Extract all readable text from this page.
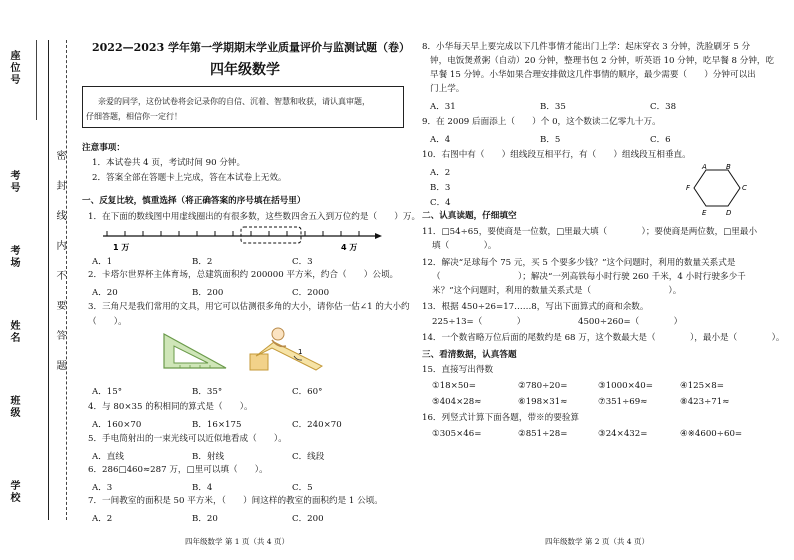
座位号
考号
考场
姓名
班级
学校
密
封
线
内
不
要
答
题
2022—2023 学年第一学期期末学业质量评价与监测试题（卷）
四年级数学
亲爱的同学，这份试卷将会记录你的自信、沉着、智慧和收获，请认真审题，
仔细答题，相信你一定行！
注意事项：
1．本试卷共 4 页，考试时间 90 分钟。
2．答案全部在答题卡上完成，答在本试卷上无效。
一、反复比较，慎重选择（将正确答案的序号填在括号里）
1．在下面的数线图中用虚线圈出的有很多数，这些数四舍五入到万位约是（　　）万。
1 万	4 万
A．1	B．2	C．3
2．卡塔尔世界杯主体育场，总建筑面积约 200000 平方米，约合（　　）公顷。
A．20	B．200	C．2000
3．三角尺是我们常用的文具，用它可以估测很多角的大小，请你估一估∠1 的大小约
（　　）。
1
A．15°	B．35°	C．60°
4．与 80×35 的积相同的算式是（　　）。
A．160×70	B．16×175	C．240×70
5．手电筒射出的一束光线可以近似地看成（　　）。
A．直线	B．射线	C．线段
6．286□460≈287 万，□里可以填（　　）。
A．3	B．4	C．5
7．一间教室的面积是 50 平方米，（　　）间这样的教室的面积约是 1 公顷。
A．2	B．20	C．200
四年级数学 第 1 页（共 4 页）
8．小华每天早上要完成以下几件事情才能出门上学：起床穿衣 3 分钟，洗脸刷牙 5 分
钟，电饭煲煮粥（自动）20 分钟，整理书包 2 分钟，听英语 10 分钟，吃早餐 8 分钟，吃
早餐 15 分钟。小华如果合理安排做这几件事情的顺序，最少需要（　　）分钟可以出
门上学。
A．31	B．35	C．38
9．在 2009 后面添上（　　）个 0，这个数读二亿零九十万。
A．4	B．5	C．6
10．右图中有（　　）组线段互相平行，有（　　）组线段互相垂直。
A．2
B．3
C．4
A	B
C
D
E
F
二、认真读题，仔细填空
11．□54÷65，要使商是一位数，□里最大填（　　　　）；要使商是两位数，□里最小
填（　　　　）。
12．解决“足球每个 75 元，买 5 个要多少钱？”这个问题时，利用的数量关系式是
（　　　　　　　　　）；解决“一列高铁每小时行驶 260 千米，4 小时行驶多少千
米？”这个问题时，利用的数量关系式是（　　　　　　　　　）。
13．根据 450÷26=17……8，写出下面算式的商和余数。
225÷13=（　　　　）	4500÷260=（　　　　）
14．一个数省略万位后面的尾数约是 68 万，这个数最大是（　　　　），最小是（　　　　）。
三、看清数据，认真答题
15．直接写出得数
①18×50=	②780÷20=	③1000×40=	④125×8=
⑤404×28≈	⑥198×31≈	⑦351÷69≈	⑧423÷71≈
16．列竖式计算下面各题，带※的要验算
①305×46=	②851÷28=	③24×432=	④※4600÷60=
四年级数学 第 2 页（共 4 页）
